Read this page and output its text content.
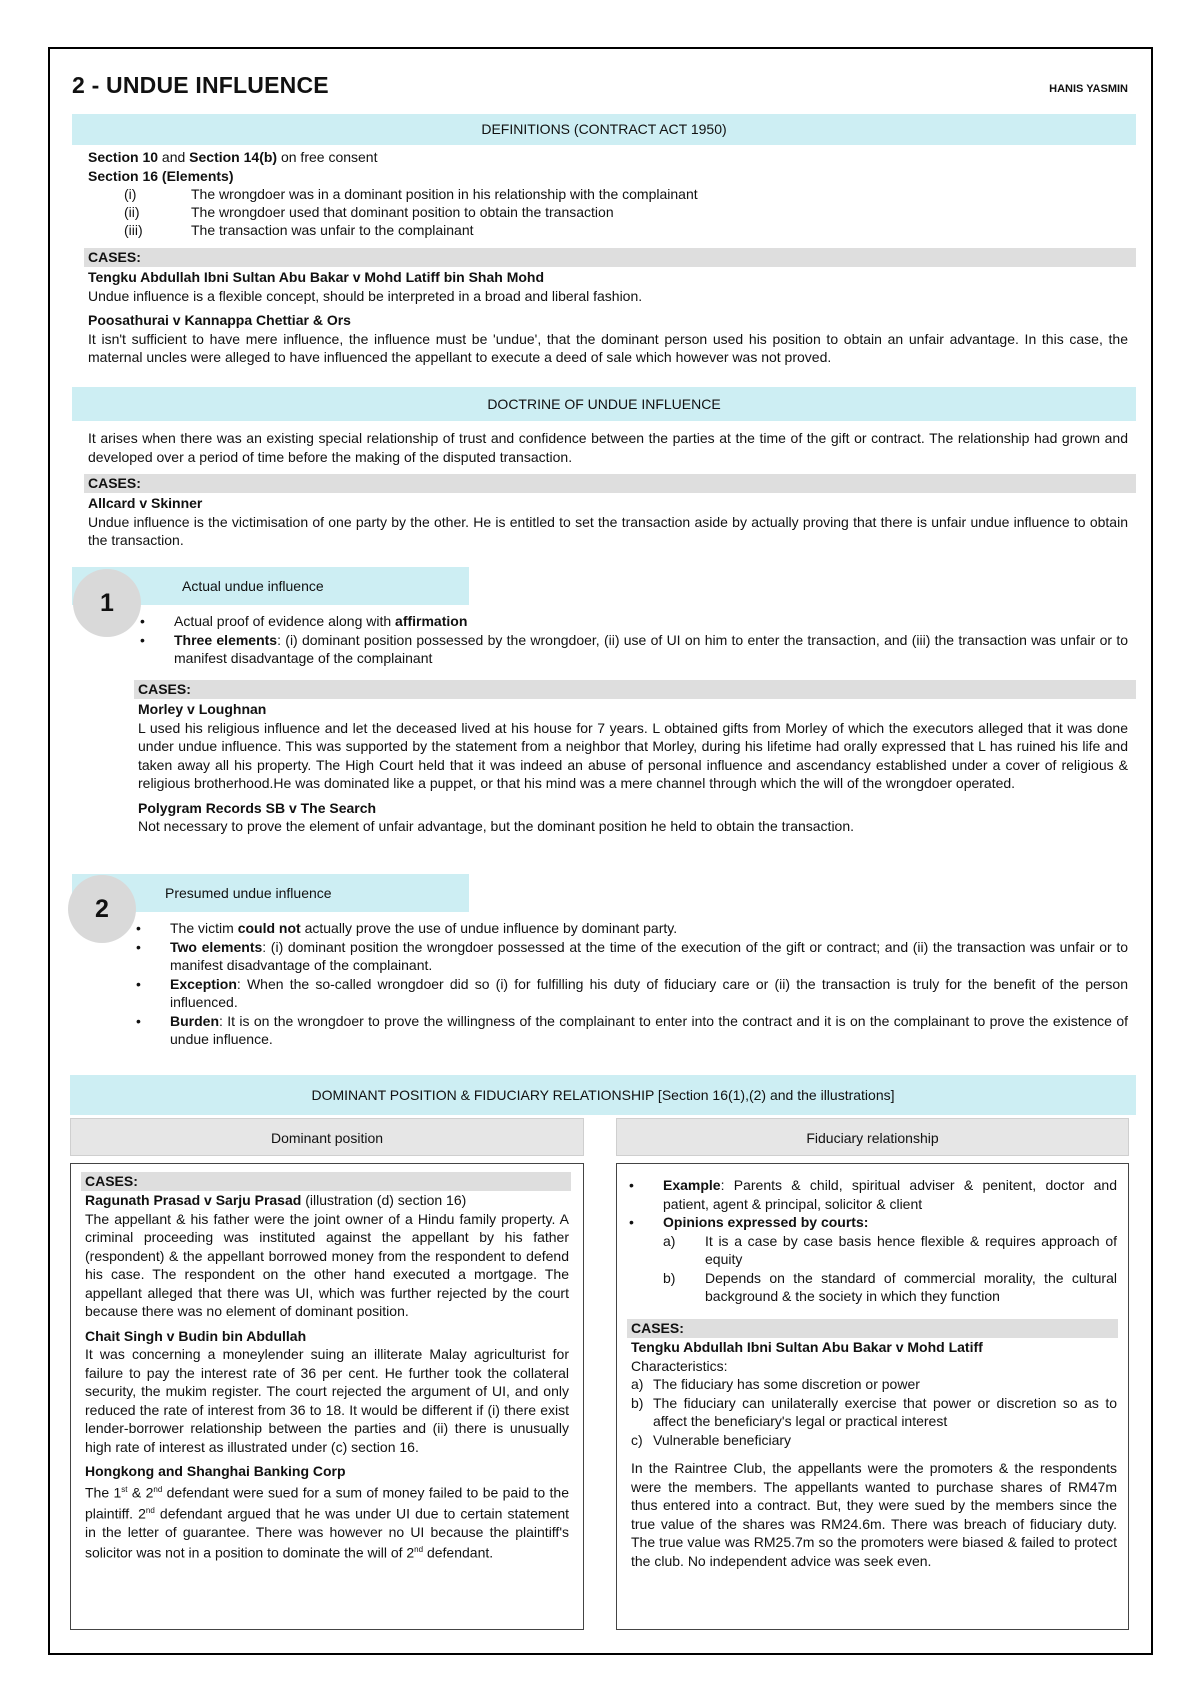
2 - UNDUE INFLUENCE	HANIS YASMIN
DEFINITIONS (CONTRACT ACT 1950)
Section 10 and Section 14(b) on free consent
Section 16 (Elements)
(i)	The wrongdoer was in a dominant position in his relationship with the complainant
(ii)	The wrongdoer used that dominant position to obtain the transaction
(iii)	The transaction was unfair to the complainant
CASES:
Tengku Abdullah Ibni Sultan Abu Bakar v Mohd Latiff bin Shah Mohd
Undue influence is a flexible concept, should be interpreted in a broad and liberal fashion.
Poosathurai v Kannappa Chettiar & Ors
It isn't sufficient to have mere influence, the influence must be 'undue', that the dominant person used his position to obtain an unfair advantage. In this case, the maternal uncles were alleged to have influenced the appellant to execute a deed of sale which however was not proved.
DOCTRINE OF UNDUE INFLUENCE
It arises when there was an existing special relationship of trust and confidence between the parties at the time of the gift or contract. The relationship had grown and developed over a period of time before the making of the disputed transaction.
CASES:
Allcard v Skinner
Undue influence is the victimisation of one party by the other. He is entitled to set the transaction aside by actually proving that there is unfair undue influence to obtain the transaction.
Actual undue influence
1
• Actual proof of evidence along with affirmation
• Three elements: (i) dominant position possessed by the wrongdoer, (ii) use of UI on him to enter the transaction, and (iii) the transaction was unfair or to manifest disadvantage of the complainant
CASES:
Morley v Loughnan
L used his religious influence and let the deceased lived at his house for 7 years. L obtained gifts from Morley of which the executors alleged that it was done under undue influence. This was supported by the statement from a neighbor that Morley, during his lifetime had orally expressed that L has ruined his life and taken away all his property. The High Court held that it was indeed an abuse of personal influence and ascendancy established under a cover of religious & religious brotherhood.He was dominated like a puppet, or that his mind was a mere channel through which the will of the wrongdoer operated.
Polygram Records SB v The Search
Not necessary to prove the element of unfair advantage, but the dominant position he held to obtain the transaction.
Presumed undue influence
2
• The victim could not actually prove the use of undue influence by dominant party.
• Two elements: (i) dominant position the wrongdoer possessed at the time of the execution of the gift or contract; and (ii) the transaction was unfair or to manifest disadvantage of the complainant.
• Exception: When the so-called wrongdoer did so (i) for fulfilling his duty of fiduciary care or (ii) the transaction is truly for the benefit of the person influenced.
• Burden: It is on the wrongdoer to prove the willingness of the complainant to enter into the contract and it is on the complainant to prove the existence of undue influence.
DOMINANT POSITION & FIDUCIARY RELATIONSHIP [Section 16(1),(2) and the illustrations]
Dominant position	Fiduciary relationship
CASES:
Ragunath Prasad v Sarju Prasad (illustration (d) section 16)
The appellant & his father were the joint owner of a Hindu family property. A criminal proceeding was instituted against the appellant by his father (respondent) & the appellant borrowed money from the respondent to defend his case. The respondent on the other hand executed a mortgage. The appellant alleged that there was UI, which was further rejected by the court because there was no element of dominant position.
Chait Singh v Budin bin Abdullah
It was concerning a moneylender suing an illiterate Malay agriculturist for failure to pay the interest rate of 36 per cent. He further took the collateral security, the mukim register. The court rejected the argument of UI, and only reduced the rate of interest from 36 to 18. It would be different if (i) there exist lender-borrower relationship between the parties and (ii) there is unusually high rate of interest as illustrated under (c) section 16.
Hongkong and Shanghai Banking Corp
The 1st & 2nd defendant were sued for a sum of money failed to be paid to the plaintiff. 2nd defendant argued that he was under UI due to certain statement in the letter of guarantee. There was however no UI because the plaintiff's solicitor was not in a position to dominate the will of 2nd defendant.
• Example: Parents & child, spiritual adviser & penitent, doctor and patient, agent & principal, solicitor & client
• Opinions expressed by courts:
a)	It is a case by case basis hence flexible & requires approach of equity
b)	Depends on the standard of commercial morality, the cultural background & the society in which they function
CASES:
Tengku Abdullah Ibni Sultan Abu Bakar v Mohd Latiff
Characteristics:
a) The fiduciary has some discretion or power
b) The fiduciary can unilaterally exercise that power or discretion so as to affect the beneficiary's legal or practical interest
c) Vulnerable beneficiary
In the Raintree Club, the appellants were the promoters & the respondents were the members. The appellants wanted to purchase shares of RM47m thus entered into a contract. But, they were sued by the members since the true value of the shares was RM24.6m. There was breach of fiduciary duty. The true value was RM25.7m so the promoters were biased & failed to protect the club. No independent advice was seek even.
